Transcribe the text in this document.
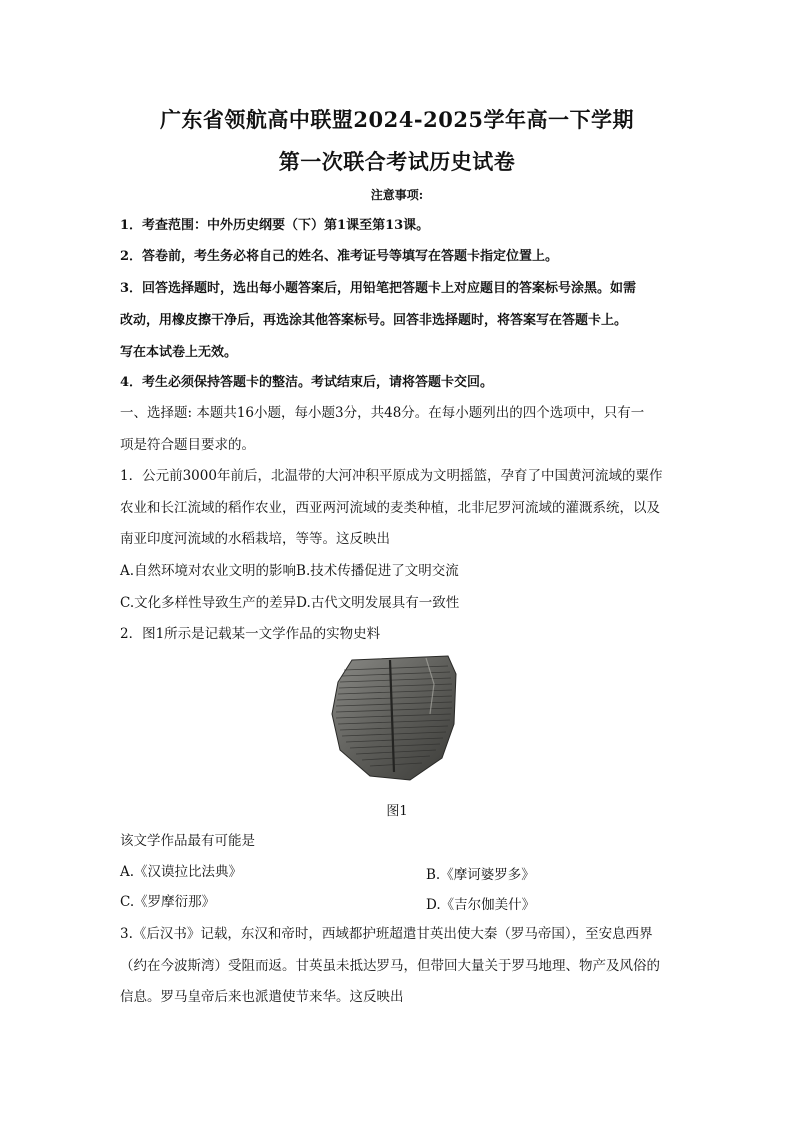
广东省领航高中联盟2024-2025学年高一下学期
第一次联合考试历史试卷
注意事项:
1．考查范围：中外历史纲要（下）第1课至第13课。
2．答卷前，考生务必将自己的姓名、准考证号等填写在答题卡指定位置上。
3．回答选择题时，选出每小题答案后，用铅笔把答题卡上对应题目的答案标号涂黑。如需
改动，用橡皮擦干净后，再选涂其他答案标号。回答非选择题时，将答案写在答题卡上。
写在本试卷上无效。
4．考生必须保持答题卡的整洁。考试结束后，请将答题卡交回。
一、选择题: 本题共16小题，每小题3分，共48分。在每小题列出的四个选项中，只有一
项是符合题目要求的。
1．公元前3000年前后，北温带的大河冲积平原成为文明摇篮，孕育了中国黄河流域的粟作
农业和长江流域的稻作农业，西亚两河流域的麦类种植，北非尼罗河流域的灌溉系统，以及
南亚印度河流域的水稻栽培，等等。这反映出
A.自然环境对农业文明的影响B.技术传播促进了文明交流
C.文化多样性导致生产的差异D.古代文明发展具有一致性
2．图1所示是记载某一文学作品的实物史料
图1
该文学作品最有可能是
A.《汉谟拉比法典》	B.《摩诃婆罗多》
C.《罗摩衍那》	D.《吉尔伽美什》
3.《后汉书》记载，东汉和帝时，西域都护班超遣甘英出使大秦（罗马帝国），至安息西界
（约在今波斯湾）受阻而返。甘英虽未抵达罗马，但带回大量关于罗马地理、物产及风俗的
信息。罗马皇帝后来也派遣使节来华。这反映出
